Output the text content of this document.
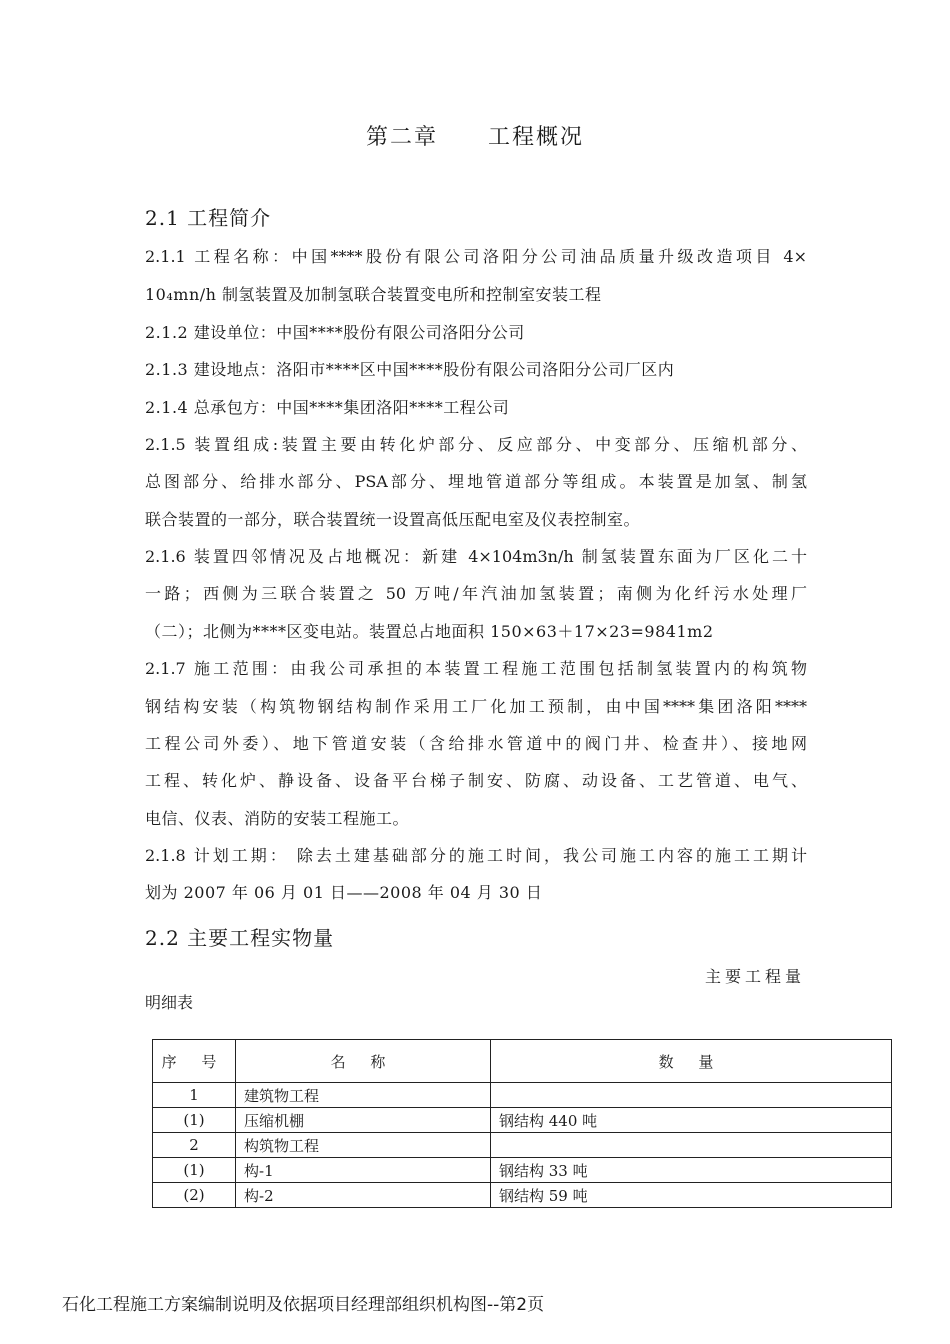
第二章 工程概况
2.1 工程简介
2.1.1 工程名称：中国****股份有限公司洛阳分公司油品质量升级改造项目 4×
10₄mn/h 制氢装置及加制氢联合装置变电所和控制室安装工程
2.1.2 建设单位：中国****股份有限公司洛阳分公司
2.1.3 建设地点：洛阳市****区中国****股份有限公司洛阳分公司厂区内
2.1.4 总承包方：中国****集团洛阳****工程公司
2.1.5 装置组成:装置主要由转化炉部分、反应部分、中变部分、压缩机部分、
总图部分、给排水部分、PSA部分、埋地管道部分等组成。本装置是加氢、制氢
联合装置的一部分，联合装置统一设置高低压配电室及仪表控制室。
2.1.6 装置四邻情况及占地概况：新建 4×104m3n/h 制氢装置东面为厂区化二十
一路；西侧为三联合装置之 50 万吨/年汽油加氢装置；南侧为化纤污水处理厂
（二）；北侧为****区变电站。装置总占地面积 150×63＋17×23=9841m2
2.1.7 施工范围：由我公司承担的本装置工程施工范围包括制氢装置内的构筑物
钢结构安装（构筑物钢结构制作采用工厂化加工预制，由中国****集团洛阳****
工程公司外委）、地下管道安装（含给排水管道中的阀门井、检查井）、接地网
工程、转化炉、静设备、设备平台梯子制安、防腐、动设备、工艺管道、电气、
电信、仪表、消防的安装工程施工。
2.1.8 计划工期： 除去土建基础部分的施工时间，我公司施工内容的施工工期计
划为 2007 年 06 月 01 日——2008 年 04 月 30 日
2.2 主要工程实物量
主要工程量
明细表
序 号	名 称	数 量
1	建筑物工程	
(1)	压缩机棚	钢结构 440 吨
2	构筑物工程	
(1)	构-1	钢结构 33 吨
(2)	构-2	钢结构 59 吨
石化工程施工方案编制说明及依据项目经理部组织机构图--第2页
